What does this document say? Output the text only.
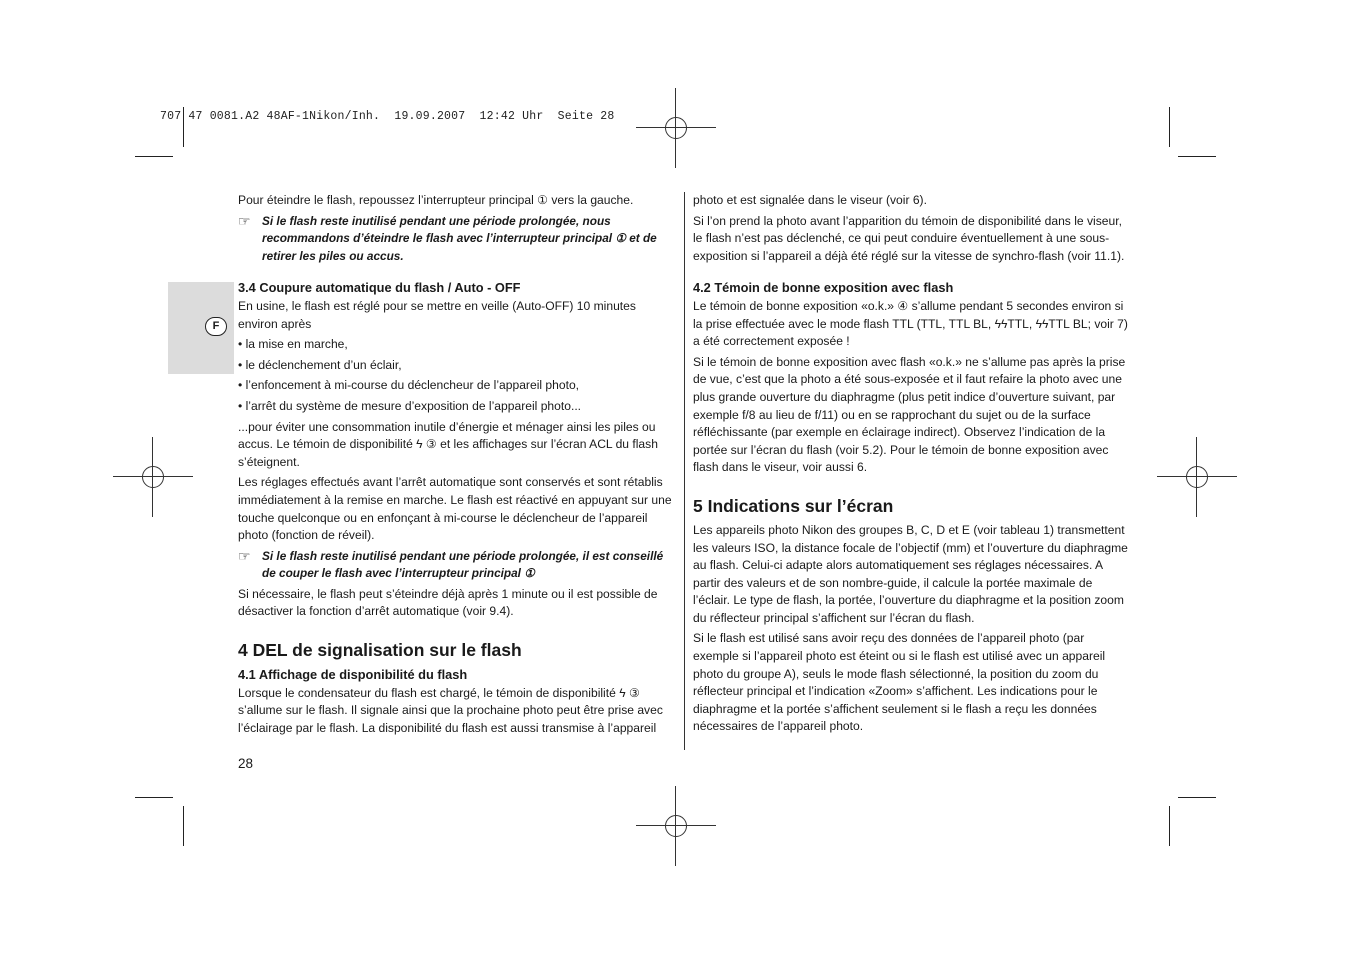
707 47 0081.A2 48AF-1Nikon/Inh.  19.09.2007  12:42 Uhr  Seite 28
F

Pour éteindre le flash, repoussez l’interrupteur principal ① vers la gauche.

☞ Si le flash reste inutilisé pendant une période prolongée, nous recommandons d’éteindre le flash avec l’interrupteur principal ① et de retirer les piles ou accus.
3.4 Coupure automatique du flash / Auto - OFF

En usine, le flash est réglé pour se mettre en veille (Auto-OFF) 10 minutes environ après

• la mise en marche,
• le déclenchement d’un éclair,
• l’enfoncement à mi-course du déclencheur de l’appareil photo,
• l’arrêt du système de mesure d’exposition de l’appareil photo...

...pour éviter une consommation inutile d’énergie et ménager ainsi les piles ou accus. Le témoin de disponibilité ϟ ③ et les affichages sur l’écran ACL du flash s’éteignent.

Les réglages effectués avant l’arrêt automatique sont conservés et sont rétablis immédiatement à la remise en marche. Le flash est réactivé en appuyant sur une touche quelconque ou en enfonçant à mi-course le déclencheur de l’appareil photo (fonction de réveil).

☞ Si le flash reste inutilisé pendant une période prolongée, il est conseillé de couper le flash avec l’interrupteur principal ①

Si nécessaire, le flash peut s’éteindre déjà après 1 minute ou il est possible de désactiver la fonction d’arrêt automatique (voir 9.4).

4 DEL de signalisation sur le flash
4.1 Affichage de disponibilité du flash

Lorsque le condensateur du flash est chargé, le témoin de disponibilité ϟ ③ s’allume sur le flash. Il signale ainsi que la prochaine photo peut être prise avec l’éclairage par le flash. La disponibilité du flash est aussi transmise à l’appareil

photo et est signalée dans le viseur (voir 6).

Si l’on prend la photo avant l’apparition du témoin de disponibilité dans le viseur, le flash n’est pas déclenché, ce qui peut conduire éventuellement à une sous-exposition si l’appareil a déjà été réglé sur la vitesse de synchro-flash (voir 11.1).

4.2 Témoin de bonne exposition avec flash

Le témoin de bonne exposition «o.k.» ④ s’allume pendant 5 secondes environ si la prise effectuée avec le mode flash TTL (TTL, TTL BL, ϟϟTTL, ϟϟTTL BL; voir 7) a été correctement exposée !

Si le témoin de bonne exposition avec flash «o.k.» ne s’allume pas après la prise de vue, c’est que la photo a été sous-exposée et il faut refaire la photo avec une plus grande ouverture du diaphragme (plus petit indice d’ouverture suivant, par exemple f/8 au lieu de f/11) ou en se rapprochant du sujet ou de la surface réfléchissante (par exemple en éclairage indirect). Observez l’indication de la portée sur l’écran du flash (voir 5.2). Pour le témoin de bonne exposition avec flash dans le viseur, voir aussi 6.

5 Indications sur l’écran

Les appareils photo Nikon des groupes B, C, D et E (voir tableau 1) transmettent les valeurs ISO, la distance focale de l’objectif (mm) et l’ouverture du diaphragme au flash. Celui-ci adapte alors automatiquement ses réglages nécessaires. A partir des valeurs et de son nombre-guide, il calcule la portée maximale de l’éclair. Le type de flash, la portée, l’ouverture du diaphragme et la position zoom du réflecteur principal s’affichent sur l’écran du flash.

Si le flash est utilisé sans avoir reçu des données de l’appareil photo (par exemple si l’appareil photo est éteint ou si le flash est utilisé avec un appareil photo du groupe A), seuls le mode flash sélectionné, la position du zoom du réflecteur principal et l’indication «Zoom» s’affichent. Les indications pour le diaphragme et la portée s’affichent seulement si le flash a reçu les données nécessaires de l’appareil photo.

28
